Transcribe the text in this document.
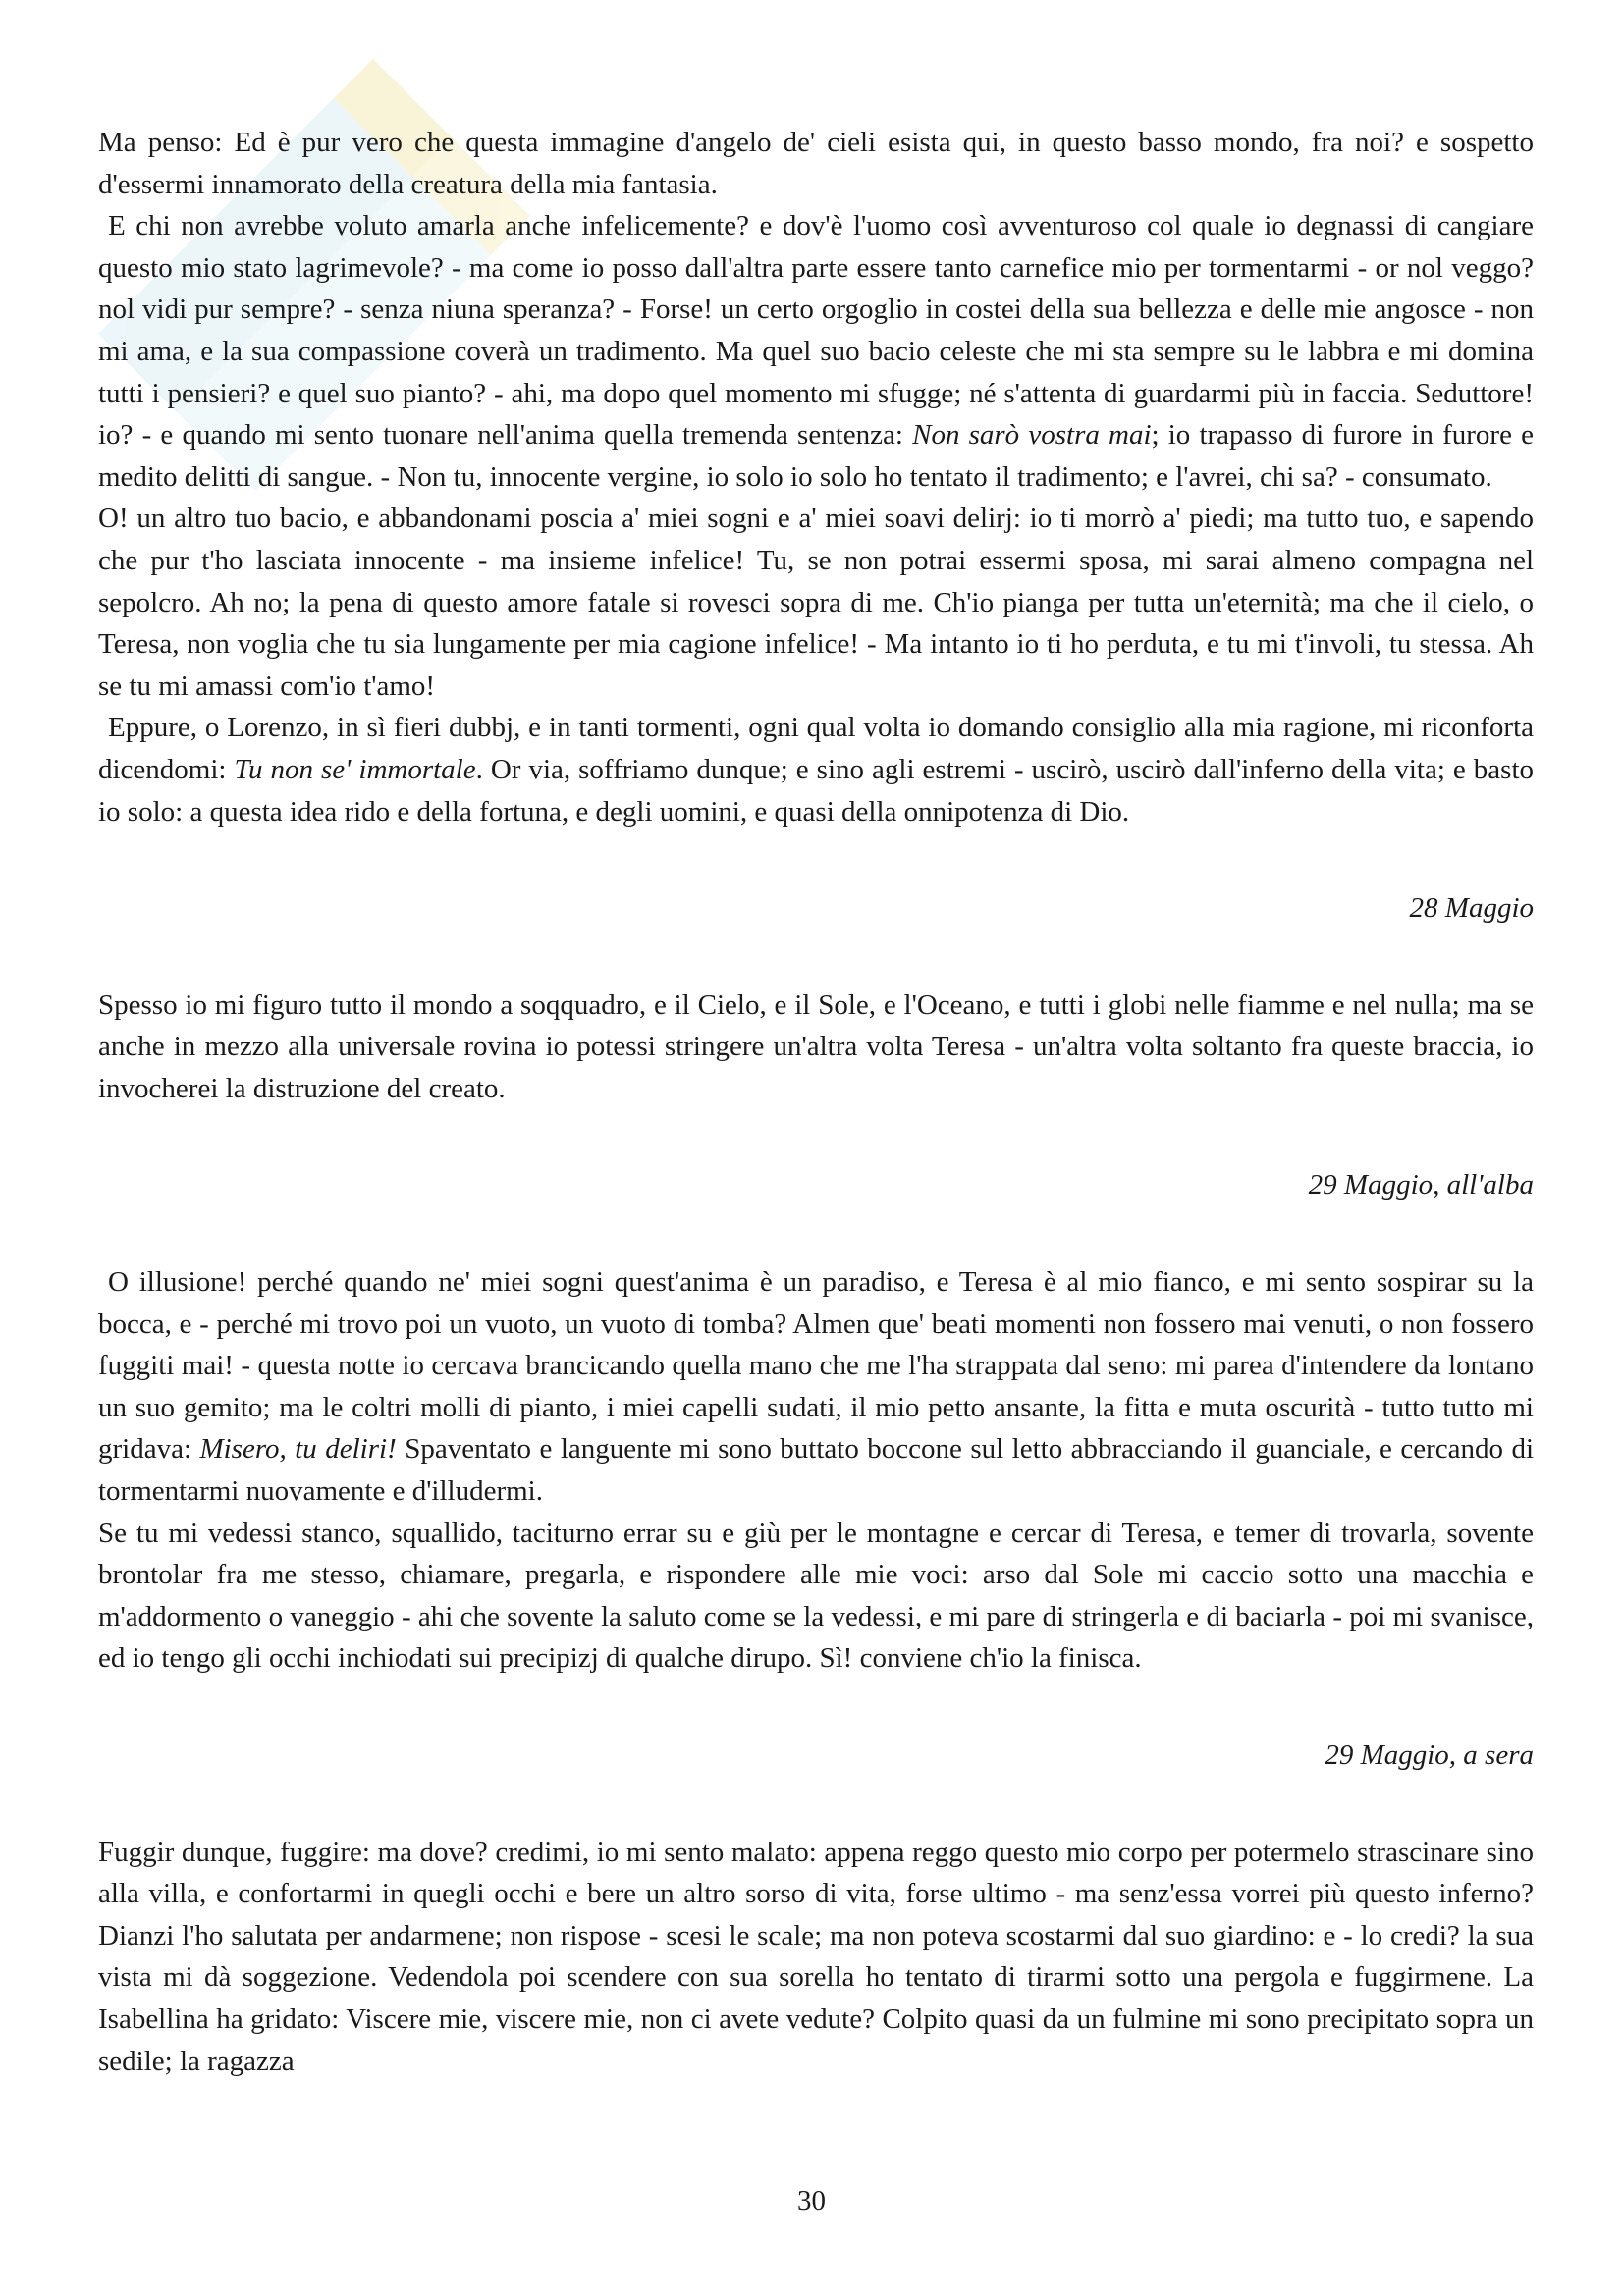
Ma penso: Ed è pur vero che questa immagine d'angelo de' cieli esista qui, in questo basso mondo, fra noi? e sospetto d'essermi innamorato della creatura della mia fantasia.

E chi non avrebbe voluto amarla anche infelicemente? e dov'è l'uomo così avventuroso col quale io degnassi di cangiare questo mio stato lagrimevole? - ma come io posso dall'altra parte essere tanto carnefice mio per tormentarmi - or nol veggo? nol vidi pur sempre? - senza niuna speranza? - Forse! un certo orgoglio in costei della sua bellezza e delle mie angosce - non mi ama, e la sua compassione coverà un tradimento. Ma quel suo bacio celeste che mi sta sempre su le labbra e mi domina tutti i pensieri? e quel suo pianto? - ahi, ma dopo quel momento mi sfugge; né s'attenta di guardarmi più in faccia. Seduttore! io? - e quando mi sento tuonare nell'anima quella tremenda sentenza: Non sarò vostra mai; io trapasso di furore in furore e medito delitti di sangue. - Non tu, innocente vergine, io solo io solo ho tentato il tradimento; e l'avrei, chi sa? - consumato.

O! un altro tuo bacio, e abbandonami poscia a' miei sogni e a' miei soavi delirj: io ti morrò a' piedi; ma tutto tuo, e sapendo che pur t'ho lasciata innocente - ma insieme infelice! Tu, se non potrai essermi sposa, mi sarai almeno compagna nel sepolcro. Ah no; la pena di questo amore fatale si rovesci sopra di me. Ch'io pianga per tutta un'eternità; ma che il cielo, o Teresa, non voglia che tu sia lungamente per mia cagione infelice! - Ma intanto io ti ho perduta, e tu mi t'involi, tu stessa. Ah se tu mi amassi com'io t'amo!

Eppure, o Lorenzo, in sì fieri dubbj, e in tanti tormenti, ogni qual volta io domando consiglio alla mia ragione, mi riconforta dicendomi: Tu non se' immortale. Or via, soffriamo dunque; e sino agli estremi - uscirò, uscirò dall'inferno della vita; e basto io solo: a questa idea rido e della fortuna, e degli uomini, e quasi della onnipotenza di Dio.

28 Maggio

Spesso io mi figuro tutto il mondo a soqquadro, e il Cielo, e il Sole, e l'Oceano, e tutti i globi nelle fiamme e nel nulla; ma se anche in mezzo alla universale rovina io potessi stringere un'altra volta Teresa - un'altra volta soltanto fra queste braccia, io invocherei la distruzione del creato.

29 Maggio, all'alba

O illusione! perché quando ne' miei sogni quest'anima è un paradiso, e Teresa è al mio fianco, e mi sento sospirar su la bocca, e - perché mi trovo poi un vuoto, un vuoto di tomba? Almen que' beati momenti non fossero mai venuti, o non fossero fuggiti mai! - questa notte io cercava brancicando quella mano che me l'ha strappata dal seno: mi parea d'intendere da lontano un suo gemito; ma le coltri molli di pianto, i miei capelli sudati, il mio petto ansante, la fitta e muta oscurità - tutto tutto mi gridava: Misero, tu deliri! Spaventato e languente mi sono buttato boccone sul letto abbracciando il guanciale, e cercando di tormentarmi nuovamente e d'illudermi.

Se tu mi vedessi stanco, squallido, taciturno errar su e giù per le montagne e cercar di Teresa, e temer di trovarla, sovente brontolar fra me stesso, chiamare, pregarla, e rispondere alle mie voci: arso dal Sole mi caccio sotto una macchia e m'addormento o vaneggio - ahi che sovente la saluto come se la vedessi, e mi pare di stringerla e di baciarla - poi mi svanisce, ed io tengo gli occhi inchiodati sui precipizj di qualche dirupo. Sì! conviene ch'io la finisca.

29 Maggio, a sera

Fuggir dunque, fuggire: ma dove? credimi, io mi sento malato: appena reggo questo mio corpo per potermelo strascinare sino alla villa, e confortarmi in quegli occhi e bere un altro sorso di vita, forse ultimo - ma senz'essa vorrei più questo inferno? Dianzi l'ho salutata per andarmene; non rispose - scesi le scale; ma non poteva scostarmi dal suo giardino: e - lo credi? la sua vista mi dà soggezione. Vedendola poi scendere con sua sorella ho tentato di tirarmi sotto una pergola e fuggirmene. La Isabellina ha gridato: Viscere mie, viscere mie, non ci avete vedute? Colpito quasi da un fulmine mi sono precipitato sopra un sedile; la ragazza

30
